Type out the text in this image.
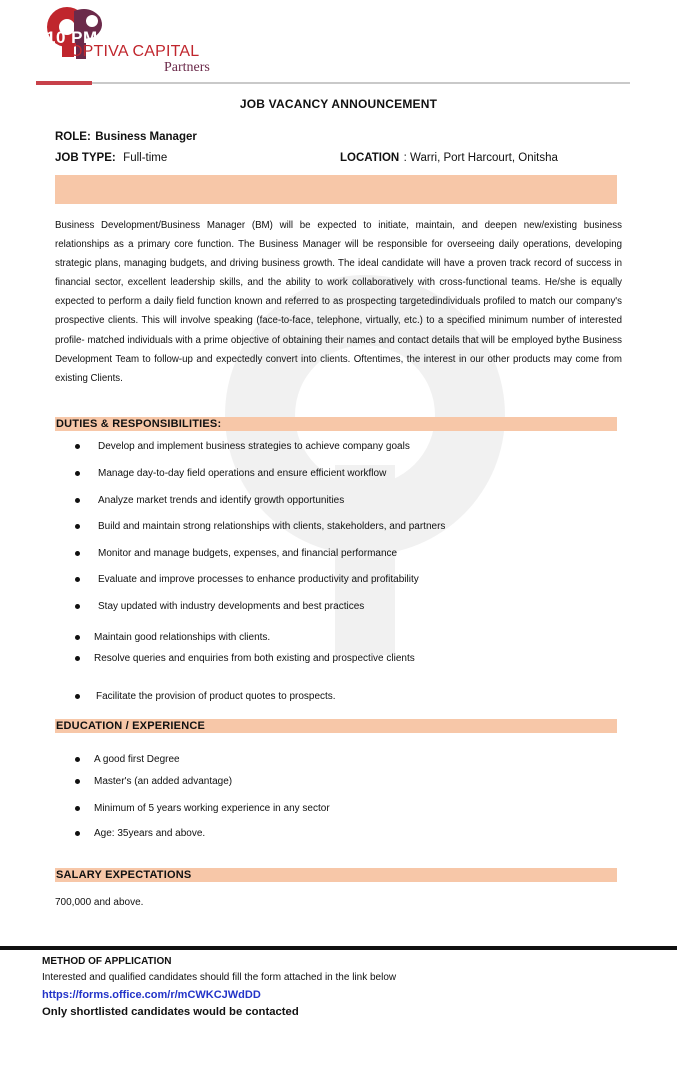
10 PM
OPTIVA CAPITAL
Partners
JOB VACANCY ANNOUNCEMENT
ROLE: Business Manager
JOB TYPE: Full-time	LOCATION : Warri, Port Harcourt, Onitsha
Business Development/Business Manager (BM) will be expected to initiate, maintain, and deepen new/existing business relationships as a primary core function. The Business Manager will be responsible for overseeing daily operations, developing strategic plans, managing budgets, and driving business growth. The ideal candidate will have a proven track record of success in financial sector, excellent leadership skills, and the ability to work collaboratively with cross-functional teams. He/she is equally expected to perform a daily field function known and referred to as prospecting targetedindividuals profiled to match our company's prospective clients. This will involve speaking (face-to-face, telephone, virtually, etc.) to a specified minimum number of interested profile- matched individuals with a prime objective of obtaining their names and contact details that will be employed bythe Business Development Team to follow-up and expectedly convert into clients. Oftentimes, the interest in our other products may come from existing Clients.
DUTIES & RESPONSIBILITIES:
Develop and implement business strategies to achieve company goals
Manage day-to-day field operations and ensure efficient workflow
Analyze market trends and identify growth opportunities
Build and maintain strong relationships with clients, stakeholders, and partners
Monitor and manage budgets, expenses, and financial performance
Evaluate and improve processes to enhance productivity and profitability
Stay updated with industry developments and best practices
Maintain good relationships with clients.
Resolve queries and enquiries from both existing and prospective clients
Facilitate the provision of product quotes to prospects.
EDUCATION / EXPERIENCE
A good first Degree
Master's (an added advantage)
Minimum of 5 years working experience in any sector
Age: 35years and above.
SALARY EXPECTATIONS
700,000 and above.
METHOD OF APPLICATION
Interested and qualified candidates should fill the form attached in the link below
https://forms.office.com/r/mCWKCJWdDD
Only shortlisted candidates would be contacted
